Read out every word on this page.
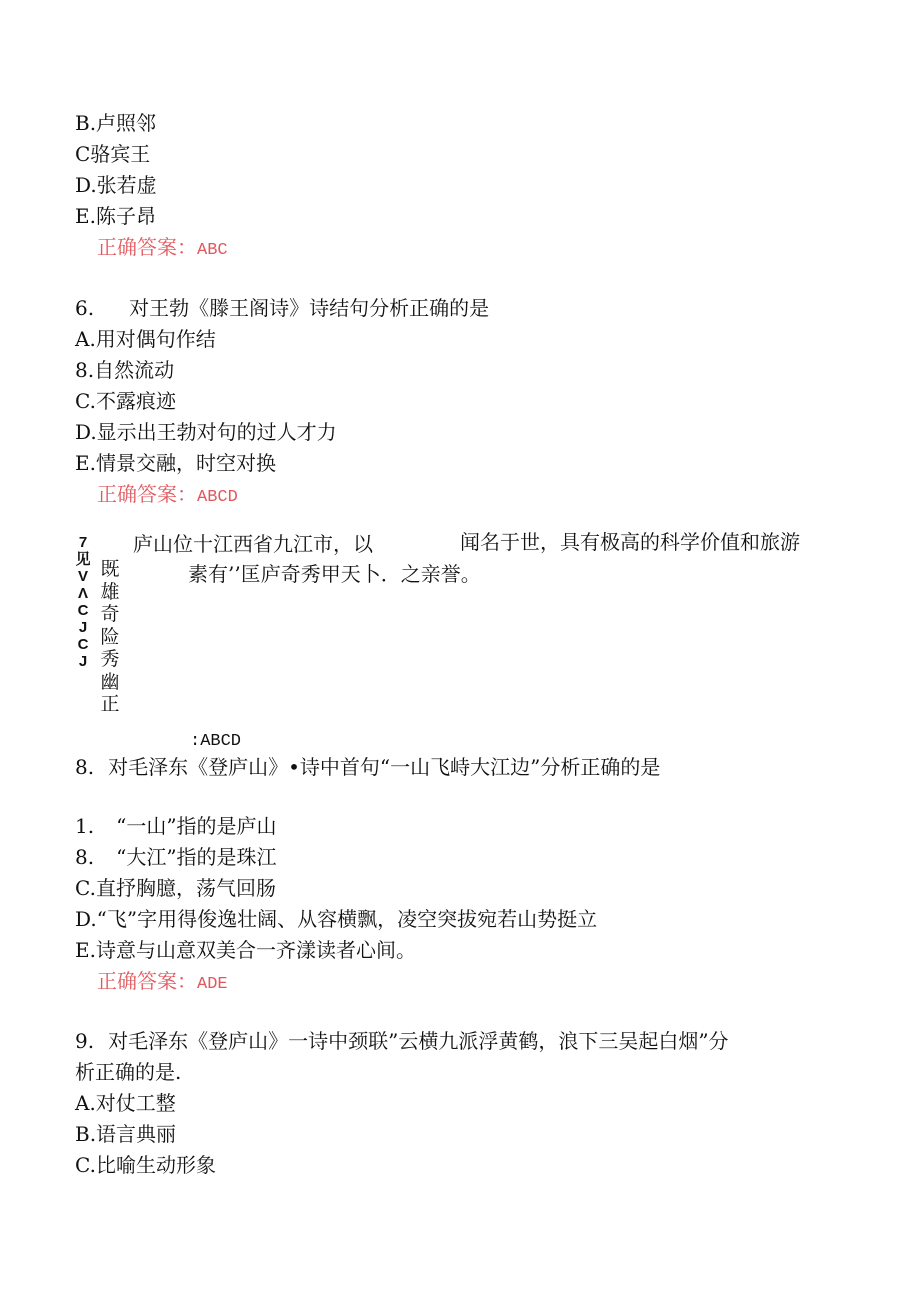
B.卢照邻
C骆宾王
D.张若虚
E.陈子昂
正确答案：ABC
6. 对王勃《滕王阁诗》诗结句分析正确的是
A.用对偶句作结
8.自然流动
C.不露痕迹
D.显示出王勃对句的过人才力
E.情景交融，时空对换
正确答案：ABCD
7见VΛCJCJ
既雄奇险秀幽正
庐山位十江西省九江市，以	闻名于世，具有极高的科学价值和旅游
素有’’匡庐奇秀甲天卜．之亲誉。
:ABCD
8. 对毛泽东《登庐山》•诗中首句“一山飞峙大江边”分析正确的是
1. “一山”指的是庐山
8. “大江”指的是珠江
C.直抒胸臆，荡气回肠
D.“飞”字用得俊逸壮阔、从容横飘，凌空突拔宛若山势挺立
E.诗意与山意双美合一齐漾读者心间。
正确答案：ADE
9. 对毛泽东《登庐山》一诗中颈联”云横九派浮黄鹤，浪下三吴起白烟”分
析正确的是.
A.对仗工整
B.语言典丽
C.比喻生动形象
